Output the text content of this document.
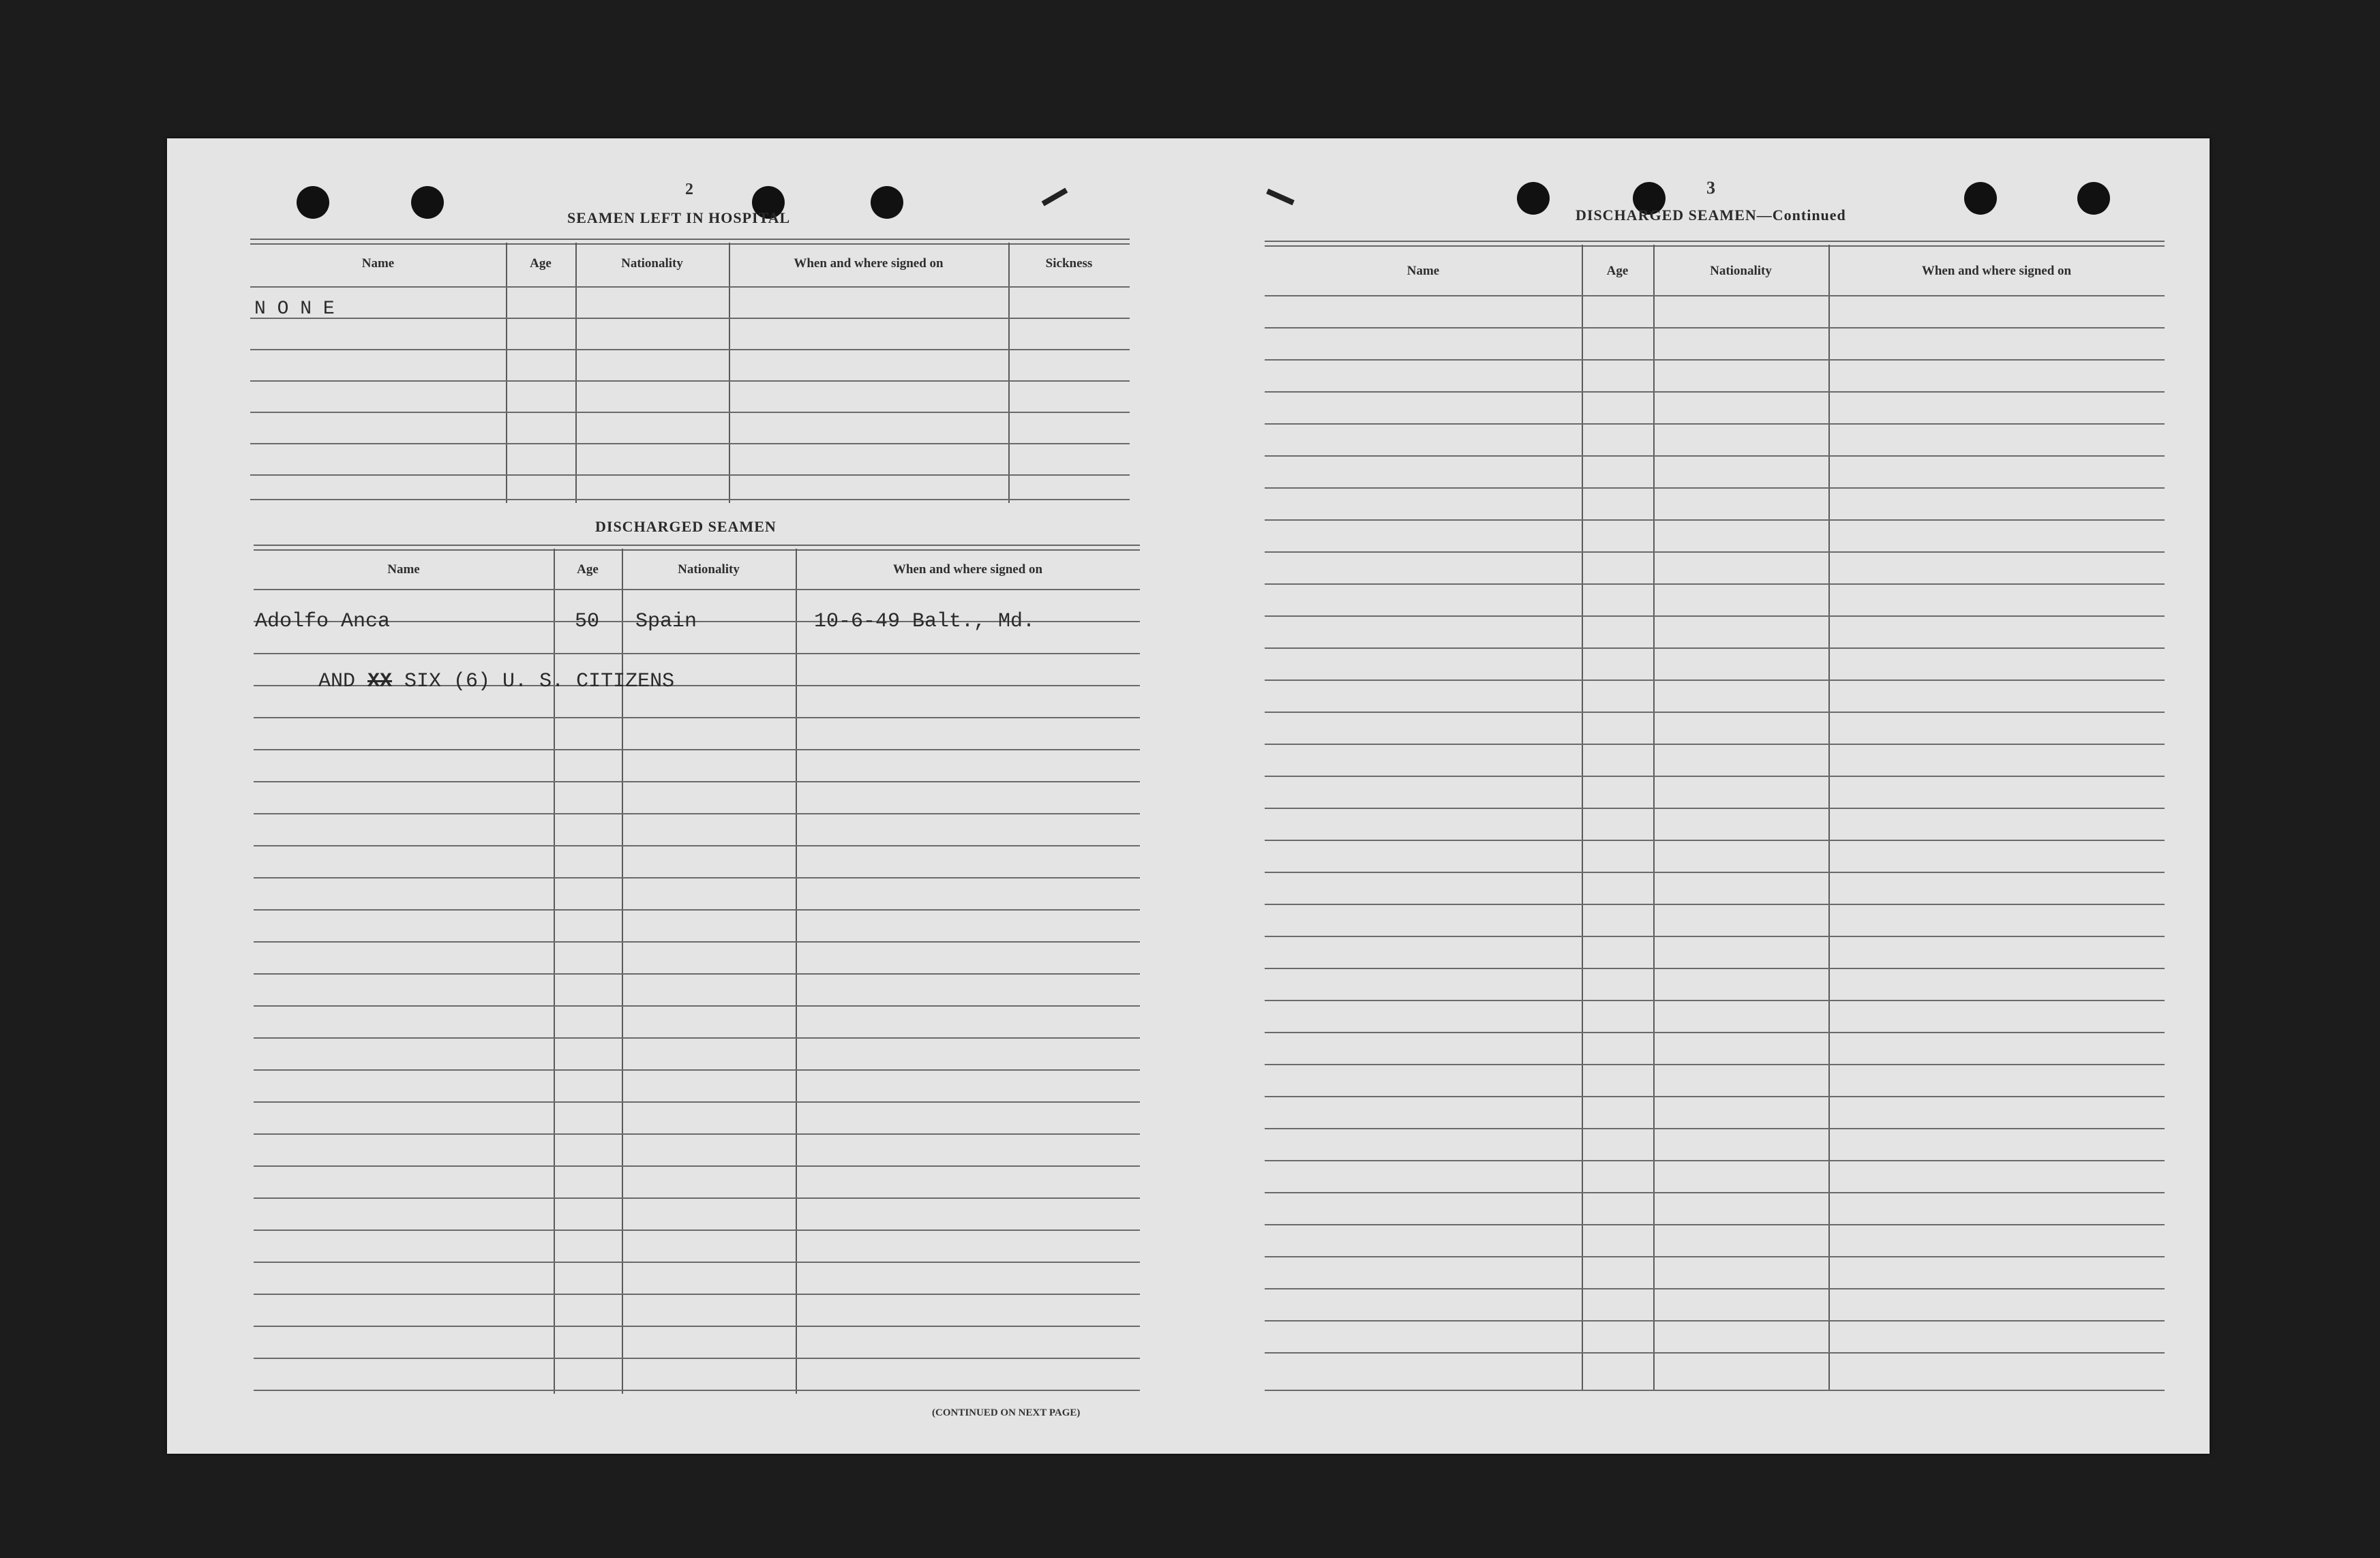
2
SEAMEN LEFT IN HOSPITAL
Name	Age	Nationality	When and where signed on	Sickness
N O N E
DISCHARGED SEAMEN
Name	Age	Nationality	When and where signed on
Adolfo Anca	50 Spain	10-6-49 Balt., Md.
AND XX SIX (6) U. S. CITIZENS
(CONTINUED ON NEXT PAGE)
3
DISCHARGED SEAMEN—Continued
Name	Age	Nationality	When and where signed on
